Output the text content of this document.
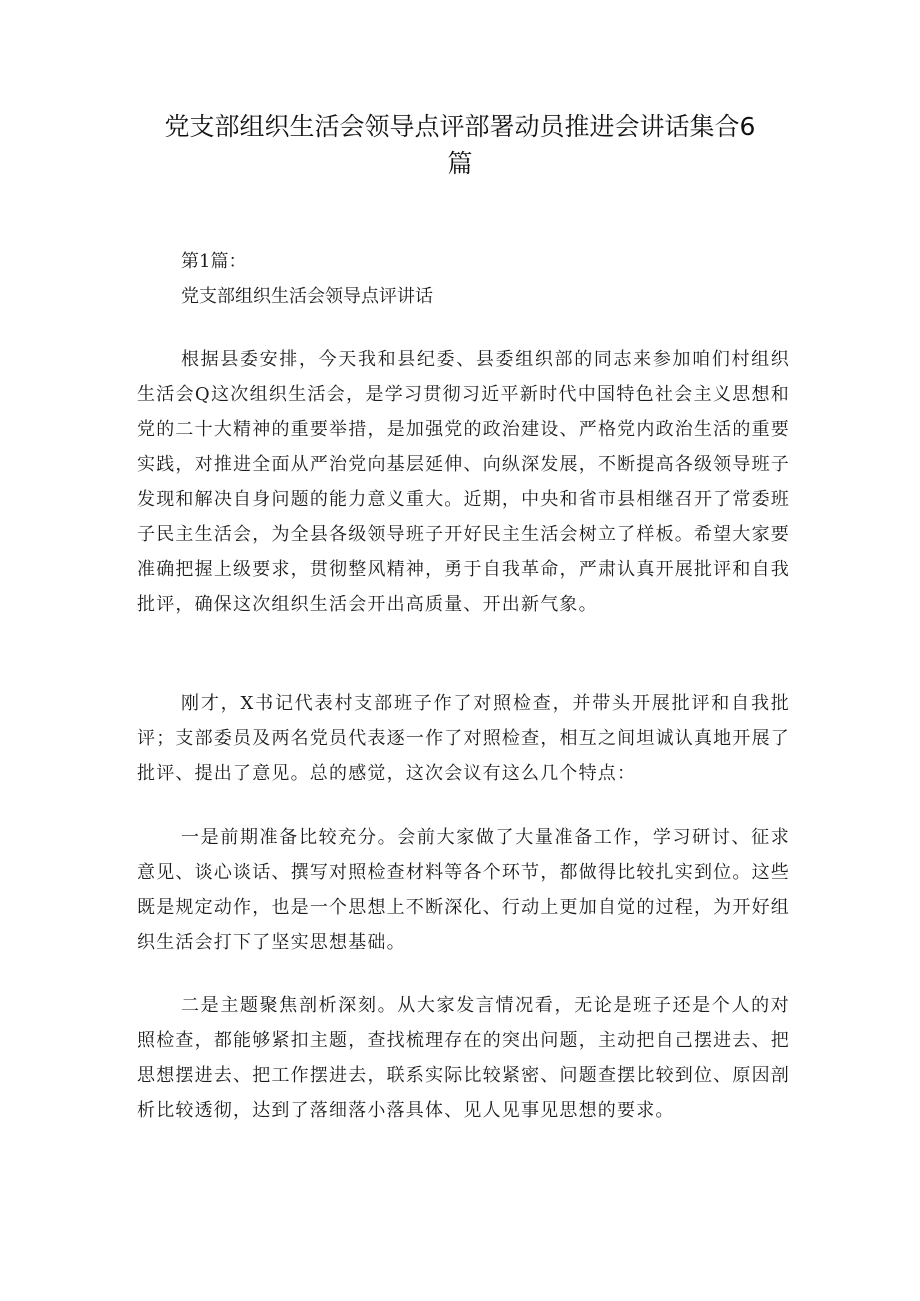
党支部组织生活会领导点评部署动员推进会讲话集合6篇

第1篇：

党支部组织生活会领导点评讲话

根据县委安排，今天我和县纪委、县委组织部的同志来参加咱们村组织生活会Q这次组织生活会，是学习贯彻习近平新时代中国特色社会主义思想和党的二十大精神的重要举措，是加强党的政治建设、严格党内政治生活的重要实践，对推进全面从严治党向基层延伸、向纵深发展，不断提高各级领导班子发现和解决自身问题的能力意义重大。近期，中央和省市县相继召开了常委班子民主生活会，为全县各级领导班子开好民主生活会树立了样板。希望大家要准确把握上级要求，贯彻整风精神，勇于自我革命，严肃认真开展批评和自我批评，确保这次组织生活会开出高质量、开出新气象。

刚才，X书记代表村支部班子作了对照检查，并带头开展批评和自我批评；支部委员及两名党员代表逐一作了对照检查，相互之间坦诚认真地开展了批评、提出了意见。总的感觉，这次会议有这么几个特点：

一是前期准备比较充分。会前大家做了大量准备工作，学习研讨、征求意见、谈心谈话、撰写对照检查材料等各个环节，都做得比较扎实到位。这些既是规定动作，也是一个思想上不断深化、行动上更加自觉的过程，为开好组织生活会打下了坚实思想基础。

二是主题聚焦剖析深刻。从大家发言情况看，无论是班子还是个人的对照检查，都能够紧扣主题，查找梳理存在的突出问题，主动把自己摆进去、把思想摆进去、把工作摆进去，联系实际比较紧密、问题查摆比较到位、原因剖析比较透彻，达到了落细落小落具体、见人见事见思想的要求。
